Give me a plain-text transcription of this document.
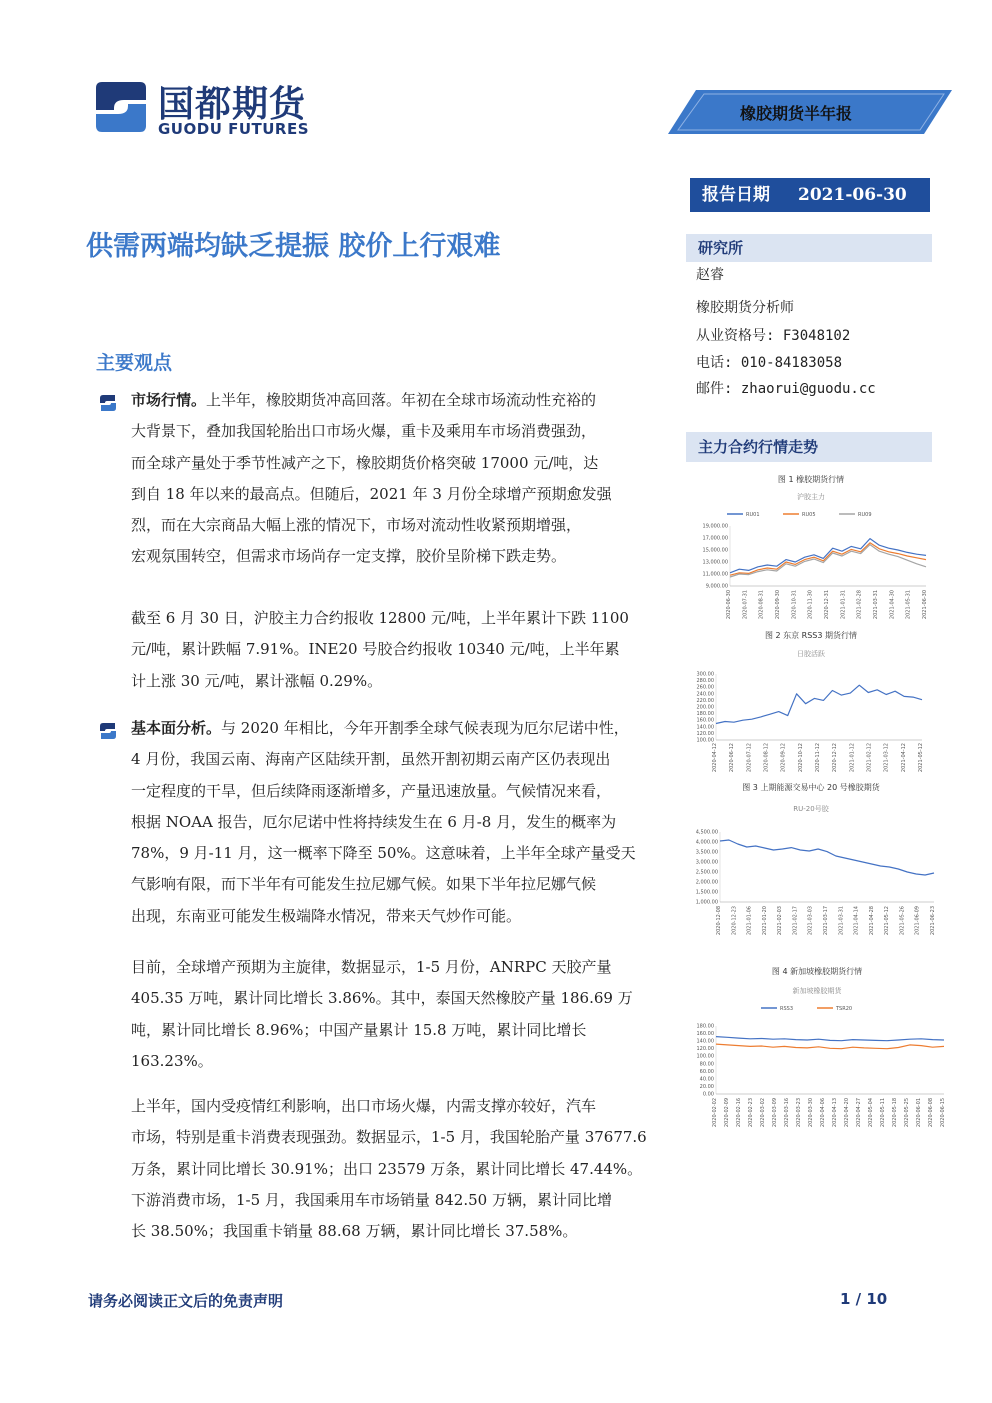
国都期货
GUODU FUTURES
橡胶期货半年报
报告日期 2021-06-30
供需两端均缺乏提振 胶价上行艰难	研究所
赵睿
橡胶期货分析师
从业资格号: F3048102
电话: 010-84183058
邮件: zhaorui@guodu.cc
主力合约行情走势
主要观点
市场行情。上半年，橡胶期货冲高回落。年初在全球市场流动性充裕的
大背景下，叠加我国轮胎出口市场火爆，重卡及乘用车市场消费强劲，
而全球产量处于季节性减产之下，橡胶期货价格突破 17000 元/吨，达
到自 18 年以来的最高点。但随后，2021 年 3 月份全球增产预期愈发强
烈，而在大宗商品大幅上涨的情况下，市场对流动性收紧预期增强，
宏观氛围转空，但需求市场尚存一定支撑，胶价呈阶梯下跌走势。
截至 6 月 30 日，沪胶主力合约报收 12800 元/吨，上半年累计下跌 1100
元/吨，累计跌幅 7.91%。INE20 号胶合约报收 10340 元/吨，上半年累
计上涨 30 元/吨，累计涨幅 0.29%。
基本面分析。与 2020 年相比，今年开割季全球气候表现为厄尔尼诺中性，
4 月份，我国云南、海南产区陆续开割，虽然开割初期云南产区仍表现出
一定程度的干旱，但后续降雨逐渐增多，产量迅速放量。气候情况来看，
根据 NOAA 报告，厄尔尼诺中性将持续发生在 6 月-8 月，发生的概率为
78%，9 月-11 月，这一概率下降至 50%。这意味着，上半年全球产量受天
气影响有限，而下半年有可能发生拉尼娜气候。如果下半年拉尼娜气候
出现，东南亚可能发生极端降水情况，带来天气炒作可能。
目前，全球增产预期为主旋律，数据显示，1-5 月份，ANRPC 天胶产量
405.35 万吨，累计同比增长 3.86%。其中，泰国天然橡胶产量 186.69 万
吨，累计同比增长 8.96%；中国产量累计 15.8 万吨，累计同比增长
163.23%。
上半年，国内受疫情红利影响，出口市场火爆，内需支撑亦较好，汽车
市场，特别是重卡消费表现强劲。数据显示，1-5 月，我国轮胎产量 37677.6
万条，累计同比增长 30.91%；出口 23579 万条，累计同比增长 47.44%。
下游消费市场，1-5 月，我国乘用车市场销量 842.50 万辆，累计同比增
长 38.50%；我国重卡销量 88.68 万辆，累计同比增长 37.58%。
图 1 橡胶期货行情
沪胶主力
RU01	RU05	RU09
19,000.00
17,000.00
15,000.00
13,000.00
11,000.00
9,000.00
2020-06-30 2020-07-31 2020-08-31 2020-09-30 2020-10-31 2020-11-30 2020-12-31 2021-01-31 2021-02-28 2021-03-31 2021-04-30 2021-05-31 2021-06-30
图 2 东京 RSS3 期货行情
日胶活跃
300.00
280.00
260.00
240.00
220.00
200.00
180.00
160.00
140.00
120.00
100.00
2020-04-12 2020-06-12 2020-07-12 2020-08-12 2020-09-12 2020-10-12 2020-11-12 2020-12-12 2021-01-12 2021-02-12 2021-03-12 2021-04-12 2021-05-12
图 3 上期能源交易中心 20 号橡胶期货
RU-20号胶
4,500.00
4,000.00
3,500.00
3,000.00
2,500.00
2,000.00
1,500.00
1,000.00
2020-12-08 2020-12-23 2021-01-06 2021-01-20 2021-02-03 2021-02-17 2021-03-03 2021-03-17 2021-03-31 2021-04-14 2021-04-28 2021-05-12 2021-05-26 2021-06-09 2021-06-23
图 4 新加坡橡胶期货行情
新加坡橡胶期货
RSS3	TSR20
180.00
160.00
140.00
120.00
100.00
80.00
60.00
40.00
20.00
0.00
2020-02-02 2020-02-09 2020-02-16 2020-02-23 2020-03-02 2020-03-09 2020-03-16 2020-03-23 2020-03-30 2020-04-06 2020-04-13 2020-04-20 2020-04-27 2020-05-04 2020-05-11 2020-05-18 2020-05-25 2020-06-01 2020-06-08 2020-06-15
请务必阅读正文后的免责声明	1 / 10
